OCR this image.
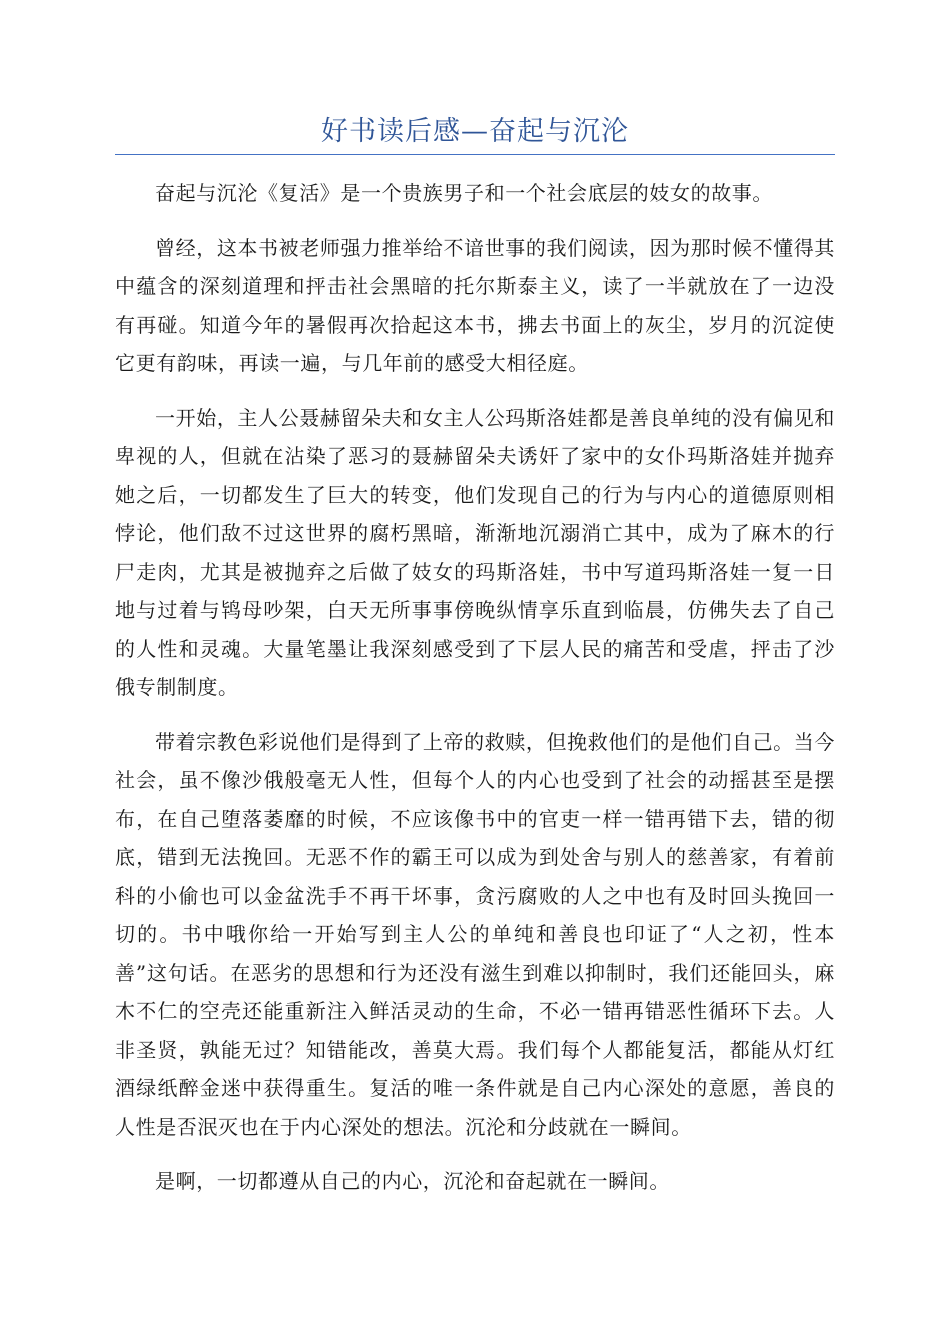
好书读后感—奋起与沉沦

奋起与沉沦《复活》是一个贵族男子和一个社会底层的妓女的故事。

曾经，这本书被老师强力推举给不谙世事的我们阅读，因为那时候不懂得其中蕴含的深刻道理和抨击社会黑暗的托尔斯泰主义，读了一半就放在了一边没有再碰。知道今年的暑假再次拾起这本书，拂去书面上的灰尘，岁月的沉淀使它更有韵味，再读一遍，与几年前的感受大相径庭。

一开始，主人公聂赫留朵夫和女主人公玛斯洛娃都是善良单纯的没有偏见和卑视的人，但就在沾染了恶习的聂赫留朵夫诱奸了家中的女仆玛斯洛娃并抛弃她之后，一切都发生了巨大的转变，他们发现自己的行为与内心的道德原则相悖论，他们敌不过这世界的腐朽黑暗，渐渐地沉溺消亡其中，成为了麻木的行尸走肉，尤其是被抛弃之后做了妓女的玛斯洛娃，书中写道玛斯洛娃一复一日地与过着与鸨母吵架，白天无所事事傍晚纵情享乐直到临晨，仿佛失去了自己的人性和灵魂。大量笔墨让我深刻感受到了下层人民的痛苦和受虐，抨击了沙俄专制制度。

带着宗教色彩说他们是得到了上帝的救赎，但挽救他们的是他们自己。当今社会，虽不像沙俄般毫无人性，但每个人的内心也受到了社会的动摇甚至是摆布，在自己堕落萎靡的时候，不应该像书中的官吏一样一错再错下去，错的彻底，错到无法挽回。无恶不作的霸王可以成为到处舍与别人的慈善家，有着前科的小偷也可以金盆洗手不再干坏事，贪污腐败的人之中也有及时回头挽回一切的。书中哦你给一开始写到主人公的单纯和善良也印证了“人之初，性本善”这句话。在恶劣的思想和行为还没有滋生到难以抑制时，我们还能回头，麻木不仁的空壳还能重新注入鲜活灵动的生命，不必一错再错恶性循环下去。人非圣贤，孰能无过？知错能改，善莫大焉。我们每个人都能复活，都能从灯红酒绿纸醉金迷中获得重生。复活的唯一条件就是自己内心深处的意愿，善良的人性是否泯灭也在于内心深处的想法。沉沦和分歧就在一瞬间。

是啊，一切都遵从自己的内心，沉沦和奋起就在一瞬间。
